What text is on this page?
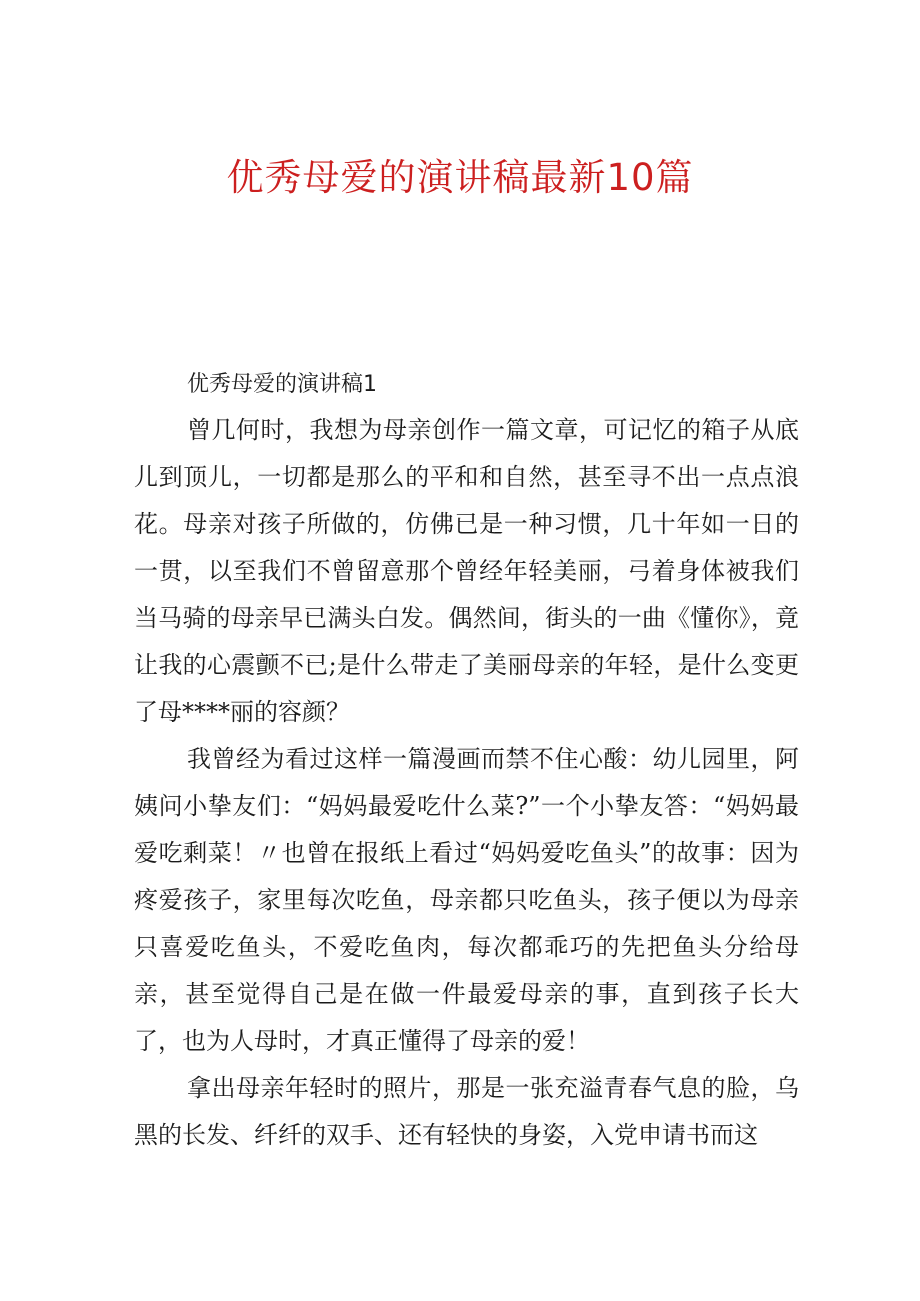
优秀母爱的演讲稿最新10篇
优秀母爱的演讲稿1

曾几何时，我想为母亲创作一篇文章，可记忆的箱子从底儿到顶儿，一切都是那么的平和和自然，甚至寻不出一点点浪花。母亲对孩子所做的，仿佛已是一种习惯，几十年如一日的一贯，以至我们不曾留意那个曾经年轻美丽，弓着身体被我们当马骑的母亲早已满头白发。偶然间，街头的一曲《懂你》，竟让我的心震颤不已;是什么带走了美丽母亲的年轻，是什么变更了母****丽的容颜？

我曾经为看过这样一篇漫画而禁不住心酸：幼儿园里，阿姨问小挚友们：“妈妈最爱吃什么菜?”一个小挚友答：“妈妈最爱吃剩菜！〃也曾在报纸上看过“妈妈爱吃鱼头”的故事：因为疼爱孩子，家里每次吃鱼，母亲都只吃鱼头，孩子便以为母亲只喜爱吃鱼头，不爱吃鱼肉，每次都乖巧的先把鱼头分给母亲，甚至觉得自己是在做一件最爱母亲的事，直到孩子长大了，也为人母时，才真正懂得了母亲的爱！

拿出母亲年轻时的照片，那是一张充溢青春气息的脸，乌黑的长发、纤纤的双手、还有轻快的身姿，入党申请书而这
